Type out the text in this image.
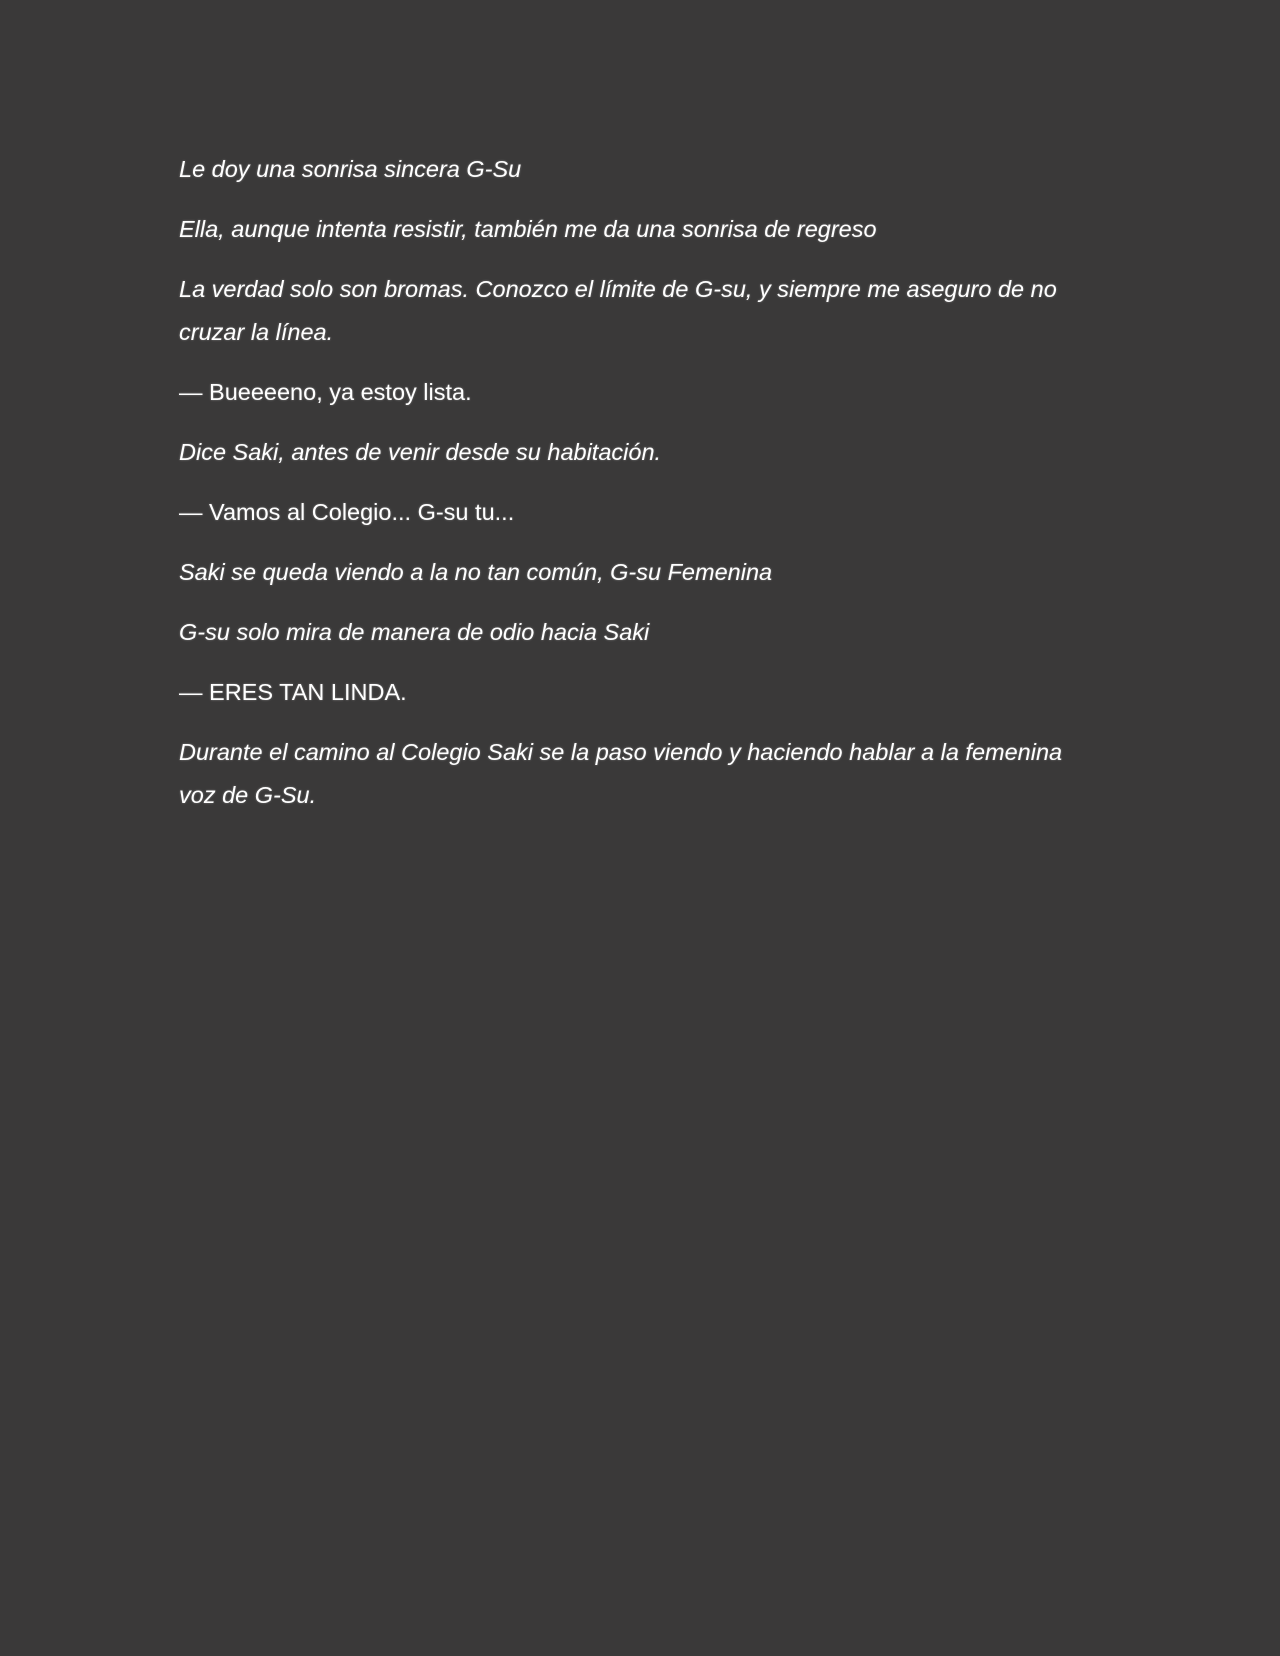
Le doy una sonrisa sincera G-Su

Ella, aunque intenta resistir, también me da una sonrisa de regreso

La verdad solo son bromas. Conozco el límite de G-su, y siempre me aseguro de no cruzar la línea.

— Bueeeeno, ya estoy lista.

Dice Saki, antes de venir desde su habitación.

— Vamos al Colegio... G-su tu...

Saki se queda viendo a la no tan común, G-su Femenina

G-su solo mira de manera de odio hacia Saki

— ERES TAN LINDA.

Durante el camino al Colegio Saki se la paso viendo y haciendo hablar a la femenina voz de G-Su.
